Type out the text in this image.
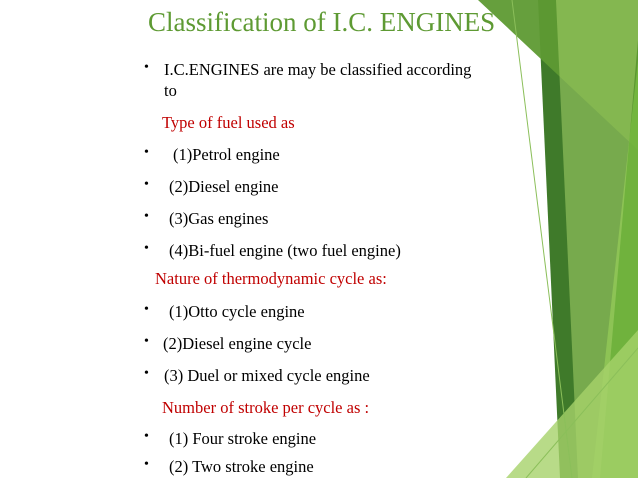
Classification of I.C. ENGINES
• I.C.ENGINES are may be classified according
to
Type of fuel used as
• (1)Petrol engine
• (2)Diesel engine
• (3)Gas engines
• (4)Bi-fuel engine (two fuel engine)
Nature of thermodynamic cycle as:
• (1)Otto cycle engine
• (2)Diesel engine cycle
• (3) Duel or mixed cycle engine
Number of stroke per cycle as :
• (1) Four stroke engine
• (2) Two stroke engine
